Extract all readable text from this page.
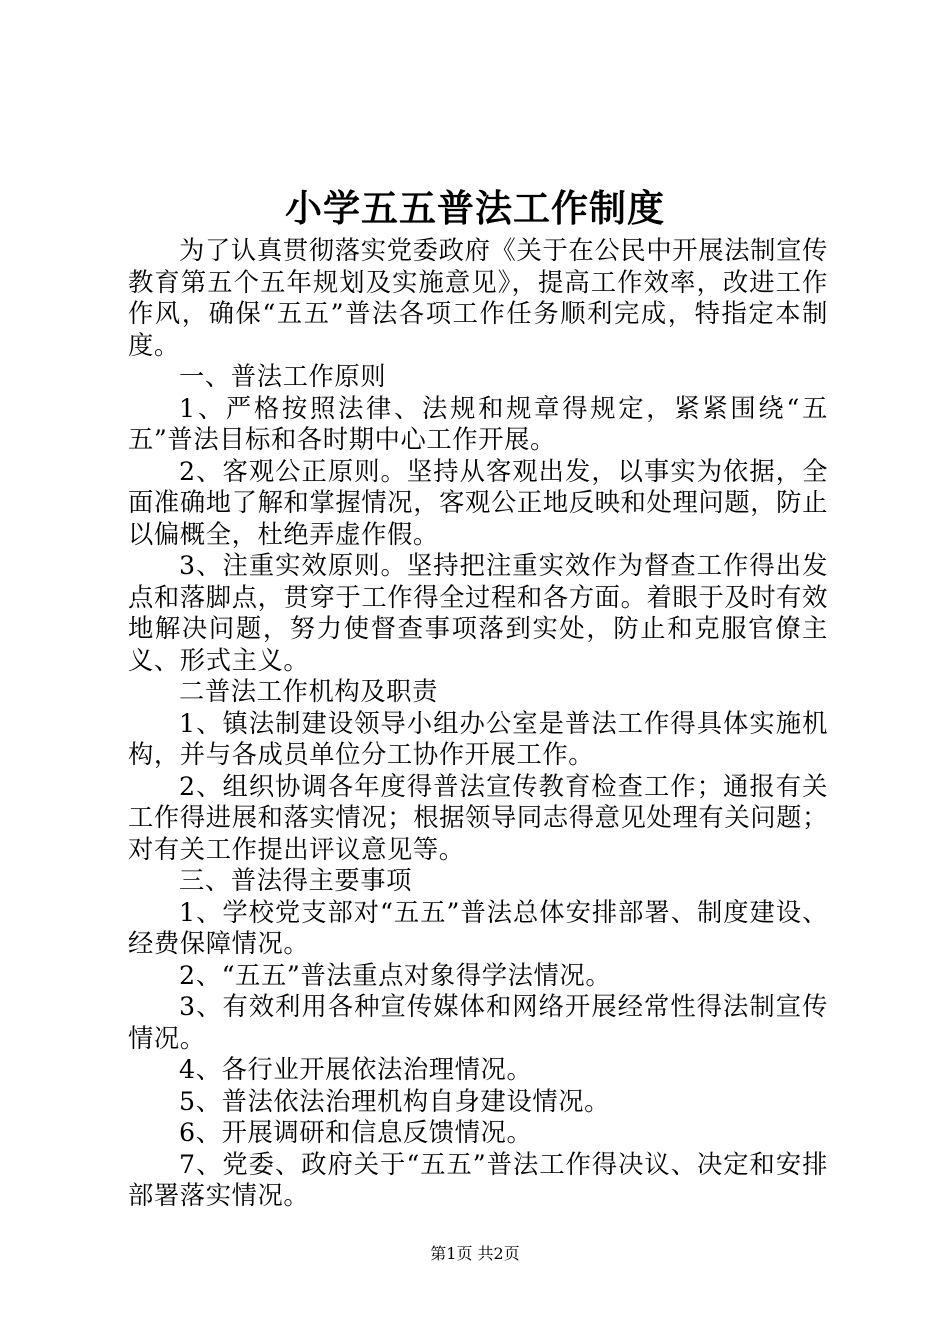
小学五五普法工作制度

为了认真贯彻落实党委政府《关于在公民中开展法制宣传教育第五个五年规划及实施意见》，提高工作效率，改进工作作风，确保“五五”普法各项工作任务顺利完成，特指定本制度。

一、普法工作原则

1、严格按照法律、法规和规章得规定，紧紧围绕“五五”普法目标和各时期中心工作开展。

2、客观公正原则。坚持从客观出发，以事实为依据，全面准确地了解和掌握情况，客观公正地反映和处理问题，防止以偏概全，杜绝弄虚作假。

3、注重实效原则。坚持把注重实效作为督查工作得出发点和落脚点，贯穿于工作得全过程和各方面。着眼于及时有效地解决问题，努力使督查事项落到实处，防止和克服官僚主义、形式主义。

二普法工作机构及职责

1、镇法制建设领导小组办公室是普法工作得具体实施机构，并与各成员单位分工协作开展工作。

2、组织协调各年度得普法宣传教育检查工作；通报有关工作得进展和落实情况；根据领导同志得意见处理有关问题；对有关工作提出评议意见等。

三、普法得主要事项

1、学校党支部对“五五”普法总体安排部署、制度建设、经费保障情况。

2、“五五”普法重点对象得学法情况。

3、有效利用各种宣传媒体和网络开展经常性得法制宣传情况。

4、各行业开展依法治理情况。

5、普法依法治理机构自身建设情况。

6、开展调研和信息反馈情况。

7、党委、政府关于“五五”普法工作得决议、决定和安排部署落实情况。

第1页 共2页
